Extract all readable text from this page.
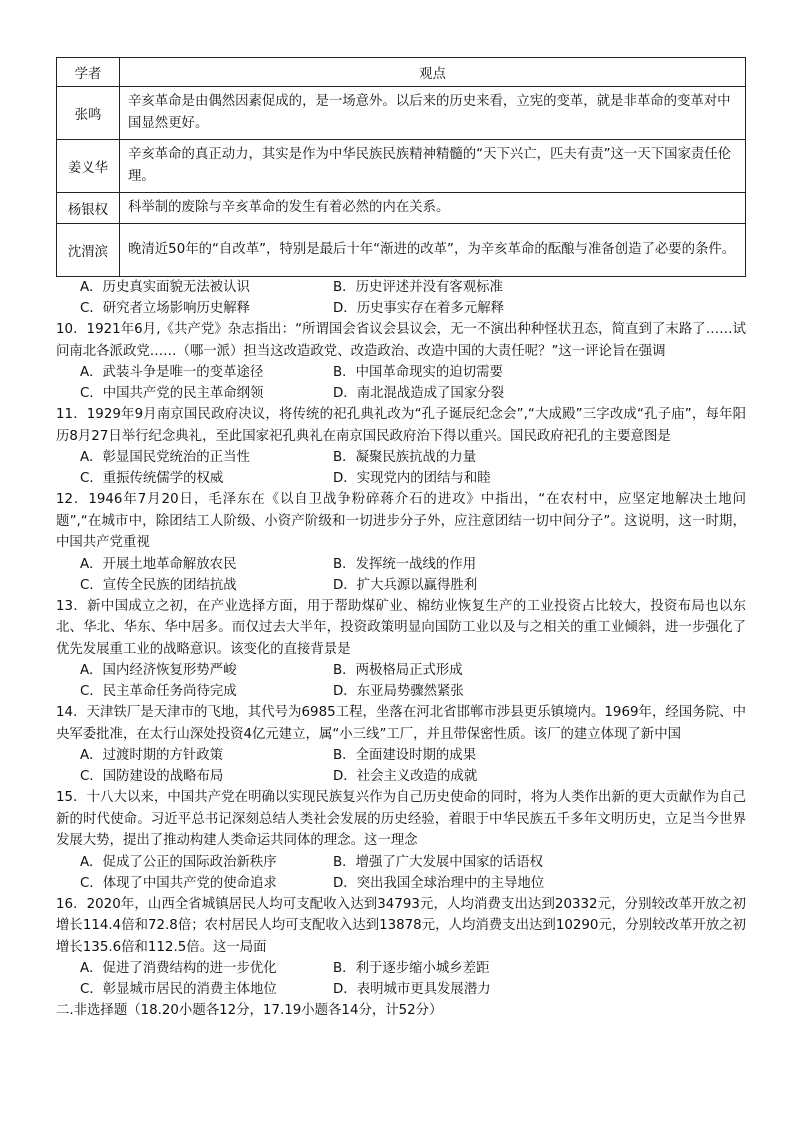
学者	观点
张鸣	辛亥革命是由偶然因素促成的，是一场意外。以后来的历史来看，立宪的变革，就是非革命的变革对中国显然更好。
姜义华	辛亥革命的真正动力，其实是作为中华民族民族精神精髓的“天下兴亡，匹夫有责”这一天下国家责任伦理。
杨银权	科举制的废除与辛亥革命的发生有着必然的内在关系。
沈渭滨	晚清近50年的“自改革”，特别是最后十年“渐进的改革”，为辛亥革命的酝酿与准备创造了必要的条件。
A．历史真实面貌无法被认识	B．历史评述并没有客观标准
C．研究者立场影响历史解释	D．历史事实存在着多元解释

10．1921年6月,《共产党》杂志指出：“所谓国会省议会县议会，无一不演出种种怪状丑态，简直到了末路了……试问南北各派政党……（哪一派）担当这改造政党、改造政治、改造中国的大责任呢？”这一评论旨在强调

A．武装斗争是唯一的变革途径	B．中国革命现实的迫切需要
C．中国共产党的民主革命纲领	D．南北混战造成了国家分裂

11．1929年9月南京国民政府决议，将传统的祀孔典礼改为“孔子诞辰纪念会”,“大成殿”三字改成“孔子庙”，每年阳历8月27日举行纪念典礼，至此国家祀孔典礼在南京国民政府治下得以重兴。国民政府祀孔的主要意图是

A．彰显国民党统治的正当性	B．凝聚民族抗战的力量
C．重振传统儒学的权威	D．实现党内的团结与和睦

12．1946年7月20日，毛泽东在《以自卫战争粉碎蒋介石的进攻》中指出，“在农村中，应坚定地解决土地问题”,“在城市中，除团结工人阶级、小资产阶级和一切进步分子外，应注意团结一切中间分子”。这说明，这一时期，中国共产党重视

A．开展土地革命解放农民	B．发挥统一战线的作用
C．宣传全民族的团结抗战	D．扩大兵源以赢得胜利

13．新中国成立之初，在产业选择方面，用于帮助煤矿业、棉纺业恢复生产的工业投资占比较大，投资布局也以东北、华北、华东、华中居多。而仅过去大半年，投资政策明显向国防工业以及与之相关的重工业倾斜，进一步强化了优先发展重工业的战略意识。该变化的直接背景是

A．国内经济恢复形势严峻	B．两极格局正式形成
C．民主革命任务尚待完成	D．东亚局势骤然紧张

14．天津铁厂是天津市的飞地，其代号为6985工程，坐落在河北省邯郸市涉县更乐镇境内。1969年，经国务院、中央军委批准，在太行山深处投资4亿元建立，属“小三线”工厂，并且带保密性质。该厂的建立体现了新中国

A．过渡时期的方针政策	B．全面建设时期的成果
C．国防建设的战略布局	D．社会主义改造的成就

15．十八大以来，中国共产党在明确以实现民族复兴作为自己历史使命的同时，将为人类作出新的更大贡献作为自己新的时代使命。习近平总书记深刻总结人类社会发展的历史经验，着眼于中华民族五千多年文明历史，立足当今世界发展大势，提出了推动构建人类命运共同体的理念。这一理念

A．促成了公正的国际政治新秩序	B．增强了广大发展中国家的话语权
C．体现了中国共产党的使命追求	D．突出我国全球治理中的主导地位

16．2020年，山西全省城镇居民人均可支配收入达到34793元，人均消费支出达到20332元，分别较改革开放之初增长114.4倍和72.8倍；农村居民人均可支配收入达到13878元，人均消费支出达到10290元，分别较改革开放之初增长135.6倍和112.5倍。这一局面

A．促进了消费结构的进一步优化	B．利于逐步缩小城乡差距
C．彰显城市居民的消费主体地位	D．表明城市更具发展潜力
二.非选择题（18.20小题各12分，17.19小题各14分，计52分）
